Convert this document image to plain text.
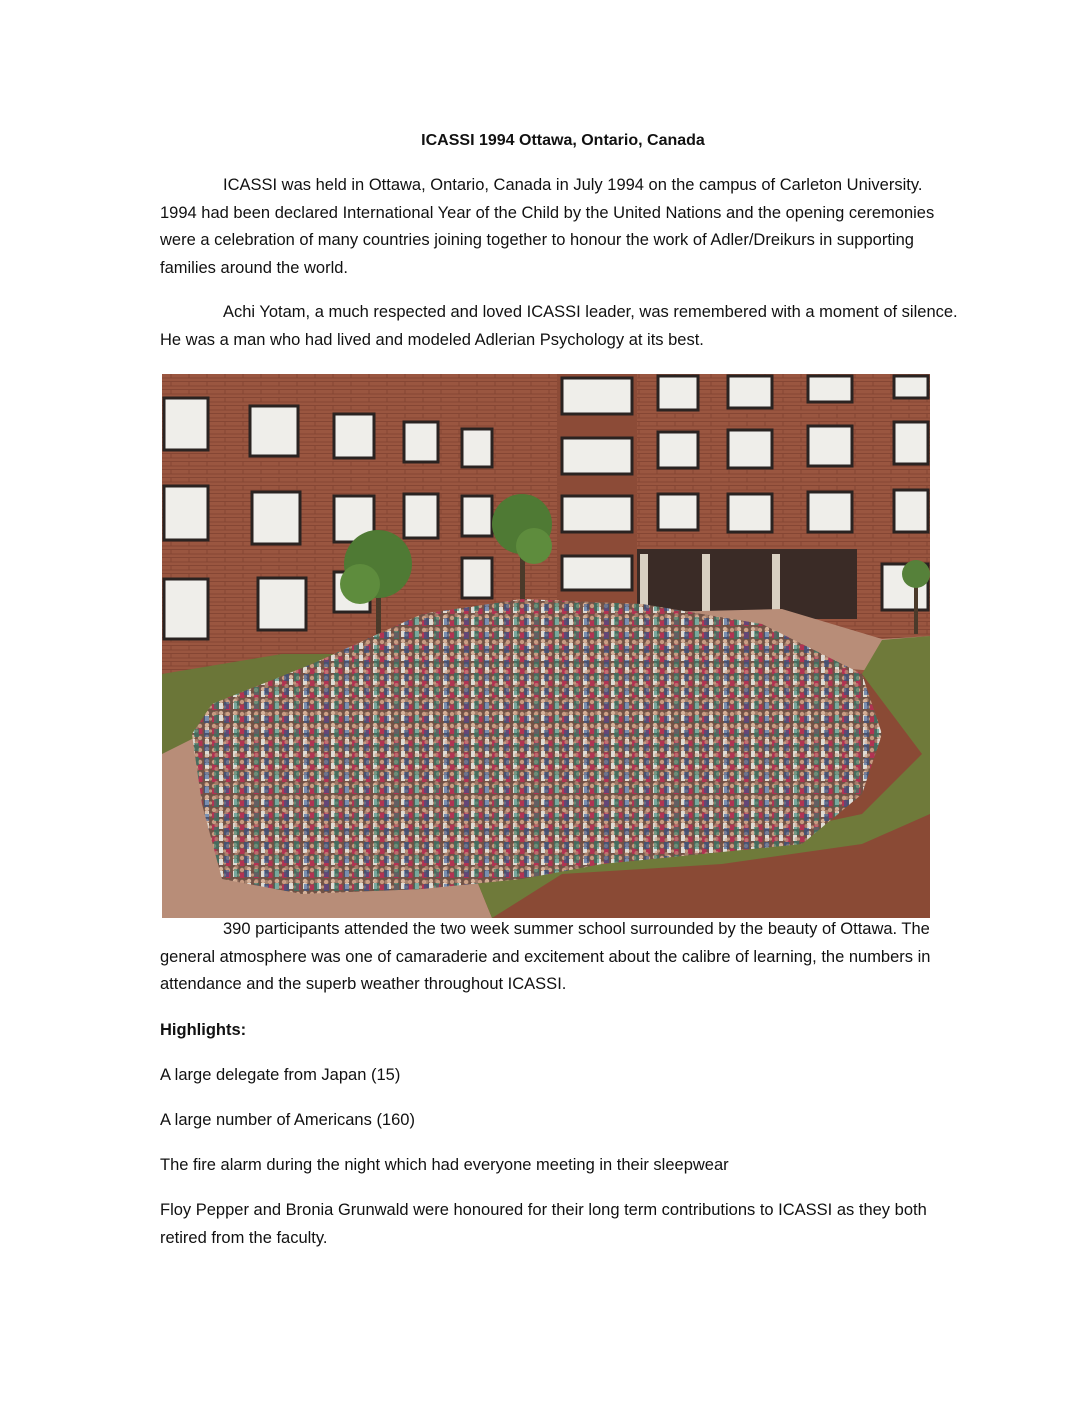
ICASSI 1994 Ottawa, Ontario, Canada

ICASSI was held in Ottawa, Ontario, Canada in July 1994 on the campus of Carleton University. 1994 had been declared International Year of the Child by the United Nations and the opening ceremonies were a celebration of many countries joining together to honour the work of Adler/Dreikurs in supporting families around the world.

Achi Yotam, a much respected and loved ICASSI leader, was remembered with a moment of silence. He was a man who had lived and modeled Adlerian Psychology at its best.

390 participants attended the two week summer school surrounded by the beauty of Ottawa. The general atmosphere was one of camaraderie and excitement about the calibre of learning, the numbers in attendance and the superb weather throughout ICASSI.

Highlights:
A large delegate from Japan (15)
A large number of Americans (160)
The fire alarm during the night which had everyone meeting in their sleepwear
Floy Pepper and Bronia Grunwald were honoured for their long term contributions to ICASSI as they both retired from the faculty.
